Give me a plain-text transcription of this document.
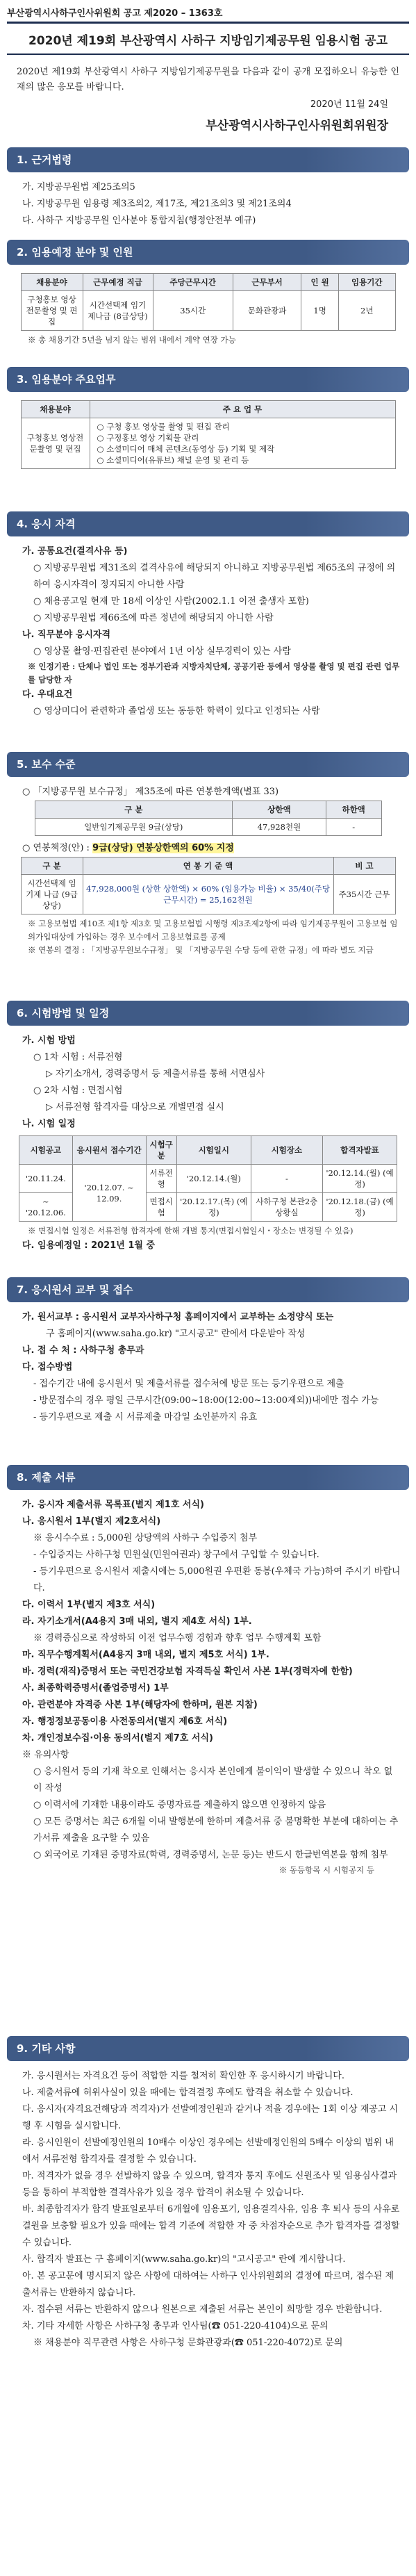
부산광역시사하구인사위원회 공고 제2020 – 1363호
2020년 제19회 부산광역시 사하구 지방임기제공무원 임용시험 공고
2020년 제19회 부산광역시 사하구 지방임기제공무원을 다음과 같이 공개 모집하오니 유능한 인재의 많은 응모를 바랍니다.
2020년 11월 24일
부산광역시사하구인사위원회위원장
1. 근거법령
가. 지방공무원법 제25조의5
나. 지방공무원 임용령 제3조의2, 제17조, 제21조의3 및 제21조의4
다. 사하구 지방공무원 인사분야 통합지침(행정안전부 예규)
2. 임용예정 분야 및 인원
채용분야	근무예정 직급	주당근무시간	근무부서	인 원	임용기간
구청홍보 영상전문촬영 및 편집	시간선택제 임기제나급 (8급상당)	35시간	문화관광과	1명	2년
※ 총 채용기간 5년을 넘지 않는 범위 내에서 계약 연장 가능
3. 임용분야 주요업무
채용분야	주 요 업 무
구청홍보 영상전문촬영 및 편집	○ 구청 홍보 영상물 촬영 및 편집 관리
○ 구정홍보 영상 기획물 관리
○ 소셜미디어 매체 콘텐츠(동영상 등) 기획 및 제작
○ 소셜미디어(유튜브) 채널 운영 및 관리 등
4. 응시 자격
가. 공통요건(결격사유 등)
○ 지방공무원법 제31조의 결격사유에 해당되지 아니하고 지방공무원법 제65조의 규정에 의하여 응시자격이 정지되지 아니한 사람
○ 채용공고일 현재 만 18세 이상인 사람(2002.1.1 이전 출생자 포함)
○ 지방공무원법 제66조에 따른 정년에 해당되지 아니한 사람
나. 직무분야 응시자격
○ 영상물 촬영·편집관련 분야에서 1년 이상 실무경력이 있는 사람
※ 인정기관 : 단체나 법인 또는 정부기관과 지방자치단체, 공공기관 등에서 영상물 촬영 및 편집 관련 업무를 담당한 자
다. 우대요건
○ 영상미디어 관련학과 졸업생 또는 동등한 학력이 있다고 인정되는 사람
5. 보수 수준
○ 「지방공무원 보수규정」 제35조에 따른 연봉한계액(별표 33)
구 분	상한액	하한액
일반임기제공무원 9급(상당)	47,928천원	-
○ 연봉책정(안) : 9급(상당) 연봉상한액의 60% 지정
구 분	연 봉 기 준 액	비 고
시간선택제 임기제 나급 (9급상당)	47,928,000원 (상한 상한액) × 60% (임용가능 비율) × 35/40(주당근무시간) = 25,162천원	주35시간 근무
※ 고용보험법 제10조 제1항 제3호 및 고용보험법 시행령 제3조제2항에 따라 임기제공무원이 고용보험 임의가입대상에 가입하는 경우 보수에서 고용보험료를 공제
※ 연봉의 결정 : 「지방공무원보수규정」 및 「지방공무원 수당 등에 관한 규정」에 따라 별도 지급
6. 시험방법 및 일정
가. 시험 방법
○ 1차 시험 : 서류전형
▷ 자기소개서, 경력증명서 등 제출서류를 통해 서면심사
○ 2차 시험 : 면접시험
▷ 서류전형 합격자를 대상으로 개별면접 실시
나. 시험 일정
시험공고	응시원서 접수기간	시험구분	시험일시	시험장소	합격자발표
'20.11.24.	'20.12.07. ~ 12.09.	서류전형	'20.12.14.(월)	-	'20.12.14.(월) (예정)
~ '20.12.06.		면접시험	'20.12.17.(목) (예정)	사하구청 본관2층 상황실	'20.12.18.(금) (예정)
※ 면접시험 일정은 서류전형 합격자에 한해 개별 통지(면접시험일시・장소는 변경될 수 있음)
다. 임용예정일 : 2021년 1월 중
7. 응시원서 교부 및 접수
가. 원서교부 : 응시원서 교부자사하구청 홈페이지에서 교부하는 소정양식 또는
구 홈페이지(www.saha.go.kr) "고시공고" 란에서 다운받아 작성
나. 접 수 처 : 사하구청 총무과
다. 접수방법
- 접수기간 내에 응시원서 및 제출서류를 접수처에 방문 또는 등기우편으로 제출
- 방문접수의 경우 평일 근무시간(09:00~18:00(12:00~13:00제외))내에만 접수 가능
- 등기우편으로 제출 시 서류제출 마감일 소인분까지 유효
8. 제출 서류
가. 응시자 제출서류 목록표(별지 제1호 서식)
나. 응시원서 1부(별지 제2호서식)
※ 응시수수료 : 5,000원 상당액의 사하구 수입증지 첨부
- 수입증지는 사하구청 민원실(민원여권과) 창구에서 구입할 수 있습니다.
- 등기우편으로 응시원서 제출시에는 5,000원권 우편환 동봉(우체국 가능)하여 주시기 바랍니다.
다. 이력서 1부(별지 제3호 서식)
라. 자기소개서(A4용지 3매 내외, 별지 제4호 서식) 1부.
※ 경력증심으로 작성하되 이전 업무수행 경험과 향후 업무 수행계획 포함
마. 직무수행계획서(A4용지 3매 내외, 별지 제5호 서식) 1부.
바. 경력(재직)증명서 또는 국민건강보험 자격득실 확인서 사본 1부(경력자에 한함)
사. 최종학력증명서(졸업증명서) 1부
아. 관련분야 자격증 사본 1부(해당자에 한하며, 원본 지참)
자. 행정정보공동이용 사전동의서(별지 제6호 서식)
차. 개인정보수집·이용 동의서(별지 제7호 서식)
※ 유의사항
○ 응시원서 등의 기재 착오로 인해서는 응시자 본인에게 불이익이 발생할 수 있으니 착오 없이 작성
○ 이력서에 기재한 내용이라도 증명자료를 제출하지 않으면 인정하지 않음
○ 모든 증명서는 최근 6개월 이내 발행분에 한하며 제출서류 중 불명확한 부분에 대하여는 추가서류 제출을 요구할 수 있음
○ 외국어로 기재된 증명자료(학력, 경력증명서, 논문 등)는 반드시 한글번역본을 함께 첨부
※ 동등항목 시 시험공지 등
9. 기타 사항
가. 응시원서는 자격요건 등이 적합한 지를 철저히 확인한 후 응시하시기 바랍니다.
나. 제출서류에 허위사실이 있을 때에는 합격결정 후에도 합격을 취소할 수 있습니다.
다. 응시자(자격요건해당과 적격자)가 선발예정인원과 같거나 적을 경우에는 1회 이상 재공고 시행 후 시험을 실시합니다.
라. 응시인원이 선발예정인원의 10배수 이상인 경우에는 선발예정인원의 5배수 이상의 범위 내에서 서류전형 합격자를 결정할 수 있습니다.
마. 적격자가 없을 경우 선발하지 않을 수 있으며, 합격자 통지 후에도 신원조사 및 임용심사결과 등을 통하여 부적합한 결격사유가 있을 경우 합격이 취소될 수 있습니다.
바. 최종합격자가 합격 발표일로부터 6개월에 임용포기, 임용결격사유, 임용 후 퇴사 등의 사유로 결원을 보충할 필요가 있을 때에는 합격 기준에 적합한 자 중 차점자순으로 추가 합격자를 결정할 수 있습니다.
사. 합격자 발표는 구 홈페이지(www.saha.go.kr)의 "고시공고" 란에 게시합니다.
아. 본 공고문에 명시되지 않은 사항에 대하여는 사하구 인사위원회의 결정에 따르며, 접수된 제출서류는 반환하지 않습니다.
자. 접수된 서류는 반환하지 않으나 원본으로 제출된 서류는 본인이 희망할 경우 반환합니다.
차. 기타 자세한 사항은 사하구청 총무과 인사팀(☎ 051-220-4104)으로 문의
※ 채용분야 직무관련 사항은 사하구청 문화관광과(☎ 051-220-4072)로 문의
